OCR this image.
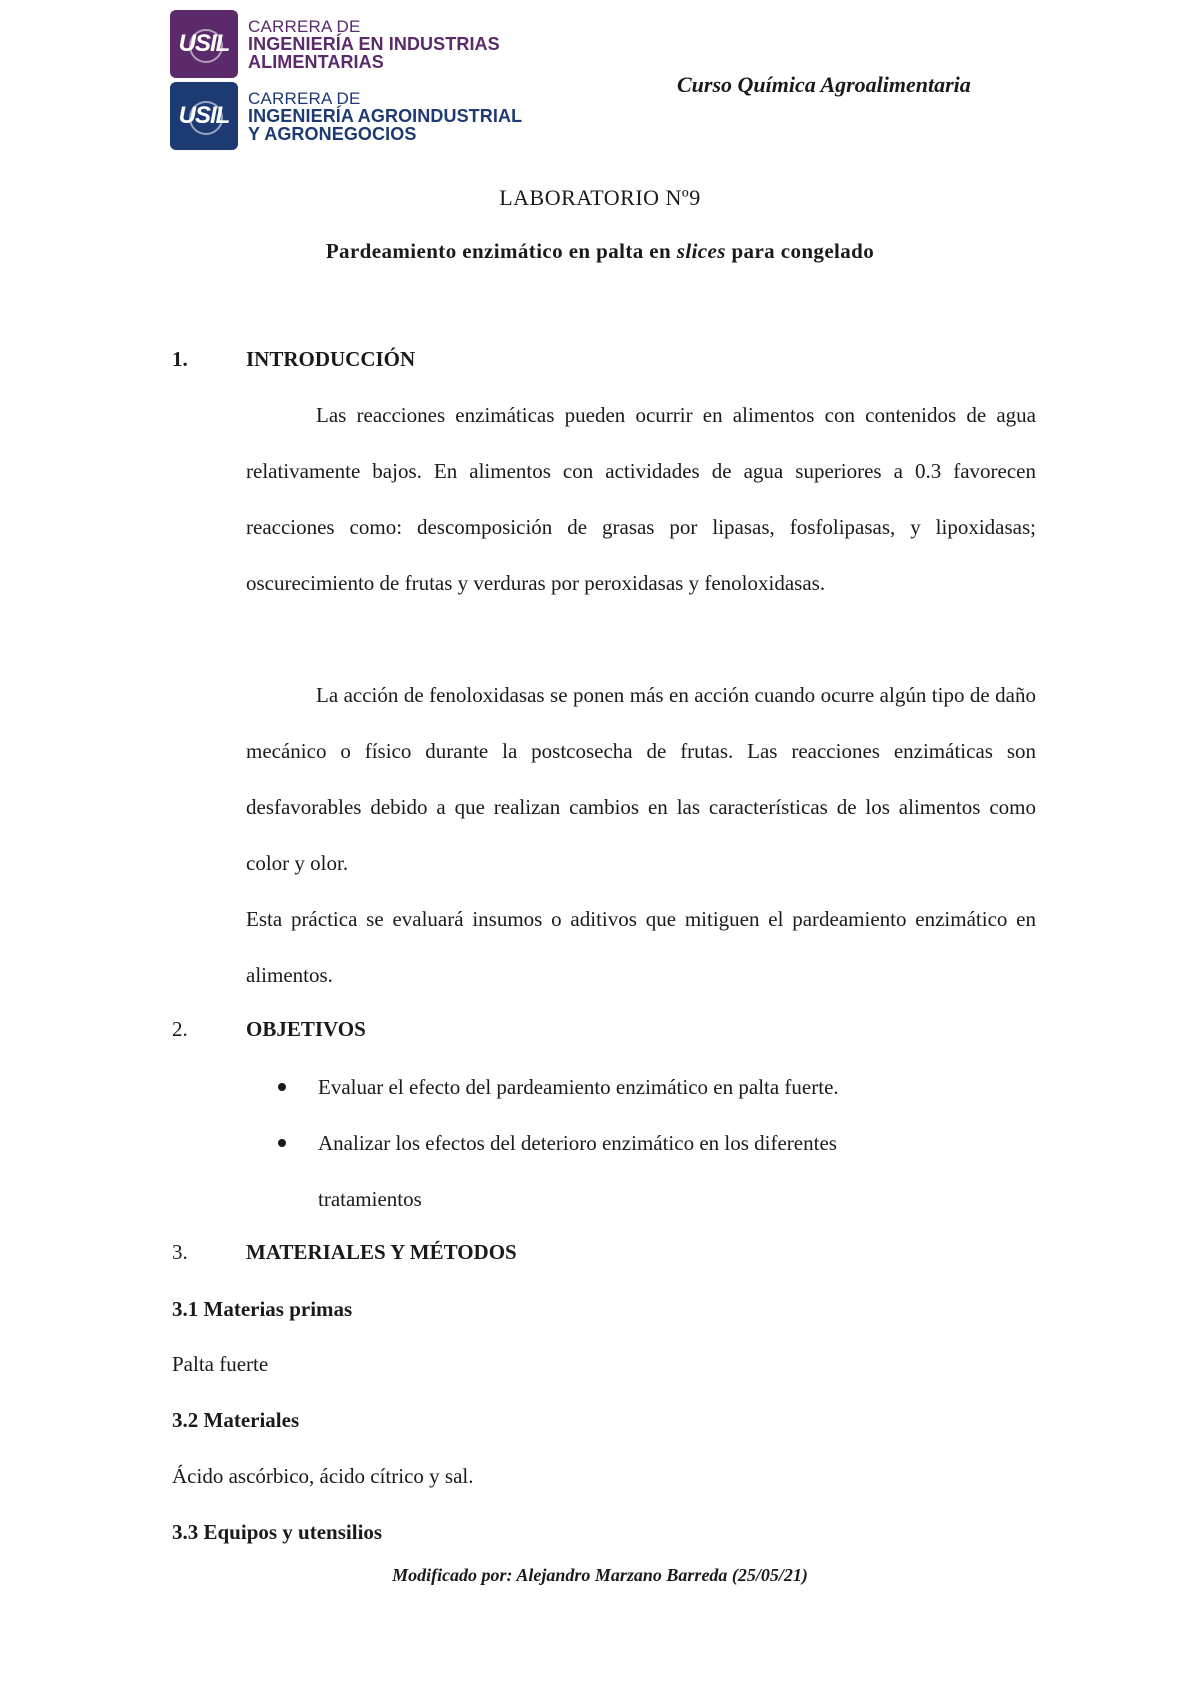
USIL
CARRERA DE
INGENIERÍA EN INDUSTRIAS
ALIMENTARIAS
USIL
CARRERA DE
INGENIERÍA AGROINDUSTRIAL
Y AGRONEGOCIOS
Curso Química Agroalimentaria
LABORATORIO Nº9
Pardeamiento enzimático en palta en slices para congelado
1.	INTRODUCCIÓN
Las reacciones enzimáticas pueden ocurrir en alimentos con contenidos de agua relativamente bajos. En alimentos con actividades de agua superiores a 0.3 favorecen reacciones como: descomposición de grasas por lipasas, fosfolipasas, y lipoxidasas; oscurecimiento de frutas y verduras por peroxidasas y fenoloxidasas.
La acción de fenoloxidasas se ponen más en acción cuando ocurre algún tipo de daño mecánico o físico durante la postcosecha de frutas. Las reacciones enzimáticas son desfavorables debido a que realizan cambios en las características de los alimentos como color y olor.
Esta práctica se evaluará insumos o aditivos que mitiguen el pardeamiento enzimático en alimentos.
2.	OBJETIVOS
Evaluar el efecto del pardeamiento enzimático en palta fuerte.
Analizar los efectos del deterioro enzimático en los diferentes tratamientos
3.	MATERIALES Y MÉTODOS
3.1 Materias primas
Palta fuerte
3.2 Materiales
Ácido ascórbico, ácido cítrico y sal.
3.3 Equipos y utensilios
Modificado por: Alejandro Marzano Barreda (25/05/21)
